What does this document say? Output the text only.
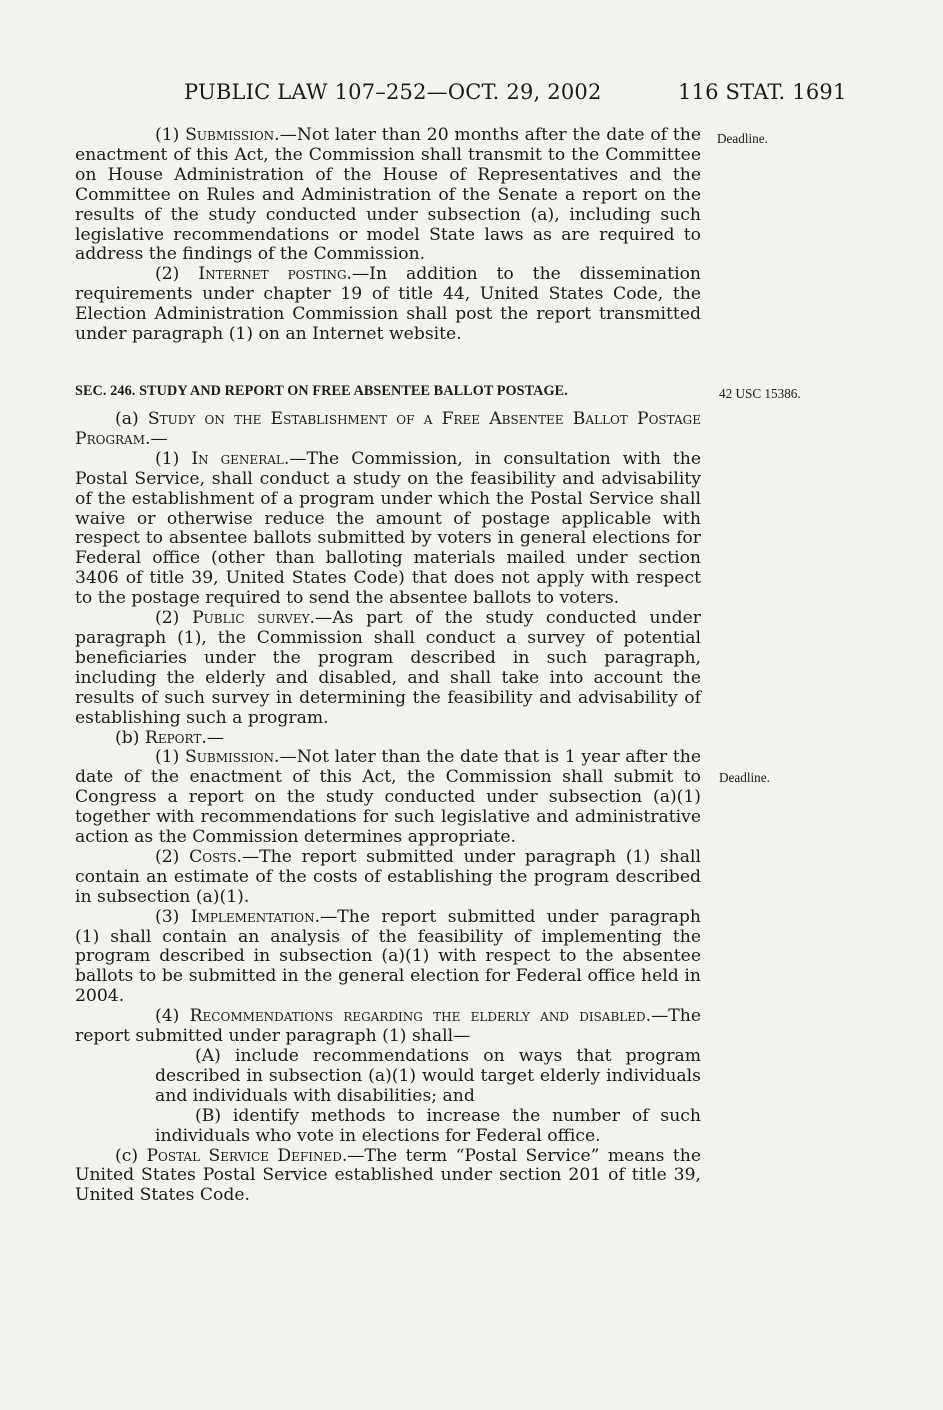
PUBLIC LAW 107–252—OCT. 29, 2002	116 STAT. 1691
Deadline.
42 USC 15386.
Deadline.

(1) Submission.—Not later than 20 months after the date of the enactment of this Act, the Commission shall transmit to the Committee on House Administration of the House of Representatives and the Committee on Rules and Administration of the Senate a report on the results of the study conducted under subsection (a), including such legislative recommendations or model State laws as are required to address the findings of the Commission.

(2) Internet posting.—In addition to the dissemination requirements under chapter 19 of title 44, United States Code, the Election Administration Commission shall post the report transmitted under paragraph (1) on an Internet website.

SEC. 246. STUDY AND REPORT ON FREE ABSENTEE BALLOT POSTAGE.

(a) Study on the Establishment of a Free Absentee Ballot Postage Program.—

(1) In general.—The Commission, in consultation with the Postal Service, shall conduct a study on the feasibility and advisability of the establishment of a program under which the Postal Service shall waive or otherwise reduce the amount of postage applicable with respect to absentee ballots submitted by voters in general elections for Federal office (other than balloting materials mailed under section 3406 of title 39, United States Code) that does not apply with respect to the postage required to send the absentee ballots to voters.

(2) Public survey.—As part of the study conducted under paragraph (1), the Commission shall conduct a survey of potential beneficiaries under the program described in such paragraph, including the elderly and disabled, and shall take into account the results of such survey in determining the feasibility and advisability of establishing such a program.

(b) Report.—

(1) Submission.—Not later than the date that is 1 year after the date of the enactment of this Act, the Commission shall submit to Congress a report on the study conducted under subsection (a)(1) together with recommendations for such legislative and administrative action as the Commission determines appropriate.

(2) Costs.—The report submitted under paragraph (1) shall contain an estimate of the costs of establishing the program described in subsection (a)(1).

(3) Implementation.—The report submitted under paragraph (1) shall contain an analysis of the feasibility of implementing the program described in subsection (a)(1) with respect to the absentee ballots to be submitted in the general election for Federal office held in 2004.

(4) Recommendations regarding the elderly and disabled.—The report submitted under paragraph (1) shall—

(A) include recommendations on ways that program described in subsection (a)(1) would target elderly individuals and individuals with disabilities; and

(B) identify methods to increase the number of such individuals who vote in elections for Federal office.

(c) Postal Service Defined.—The term “Postal Service” means the United States Postal Service established under section 201 of title 39, United States Code.
